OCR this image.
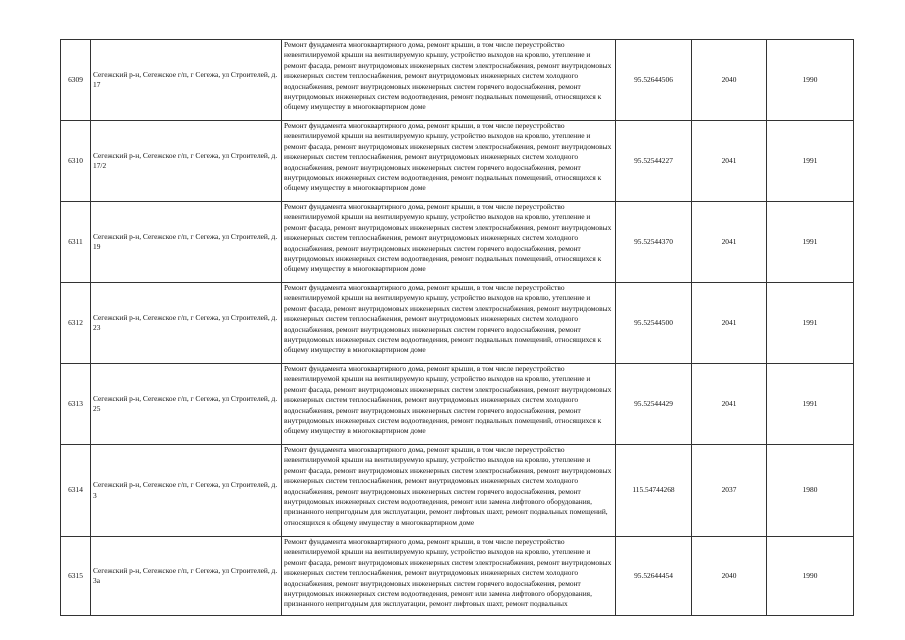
6309	Сегежский р-н, Сегежское г/п, г Сегежа, ул Строителей, д. 17	Ремонт фундамента многоквартирного дома, ремонт крыши, в том числе переустройство невентилируемой крыши на вентилируемую крышу, устройство выходов на кровлю, утепление и ремонт фасада, ремонт внутридомовых инженерных систем электроснабжения, ремонт внутридомовых инженерных систем теплоснабжения, ремонт внутридомовых инженерных систем холодного водоснабжения, ремонт внутридомовых инженерных систем горячего водоснабжения, ремонт внутридомовых инженерных систем водоотведения, ремонт подвальных помещений, относящихся к общему имуществу в многоквартирном доме	95.52644506	2040	1990
6310	Сегежский р-н, Сегежское г/п, г Сегежа, ул Строителей, д. 17/2	Ремонт фундамента многоквартирного дома, ремонт крыши, в том числе переустройство невентилируемой крыши на вентилируемую крышу, устройство выходов на кровлю, утепление и ремонт фасада, ремонт внутридомовых инженерных систем электроснабжения, ремонт внутридомовых инженерных систем теплоснабжения, ремонт внутридомовых инженерных систем холодного водоснабжения, ремонт внутридомовых инженерных систем горячего водоснабжения, ремонт внутридомовых инженерных систем водоотведения, ремонт подвальных помещений, относящихся к общему имуществу в многоквартирном доме	95.52544227	2041	1991
6311	Сегежский р-н, Сегежское г/п, г Сегежа, ул Строителей, д. 19	Ремонт фундамента многоквартирного дома, ремонт крыши, в том числе переустройство невентилируемой крыши на вентилируемую крышу, устройство выходов на кровлю, утепление и ремонт фасада, ремонт внутридомовых инженерных систем электроснабжения, ремонт внутридомовых инженерных систем теплоснабжения, ремонт внутридомовых инженерных систем холодного водоснабжения, ремонт внутридомовых инженерных систем горячего водоснабжения, ремонт внутридомовых инженерных систем водоотведения, ремонт подвальных помещений, относящихся к общему имуществу в многоквартирном доме	95.52544370	2041	1991
6312	Сегежский р-н, Сегежское г/п, г Сегежа, ул Строителей, д. 23	Ремонт фундамента многоквартирного дома, ремонт крыши, в том числе переустройство невентилируемой крыши на вентилируемую крышу, устройство выходов на кровлю, утепление и ремонт фасада, ремонт внутридомовых инженерных систем электроснабжения, ремонт внутридомовых инженерных систем теплоснабжения, ремонт внутридомовых инженерных систем холодного водоснабжения, ремонт внутридомовых инженерных систем горячего водоснабжения, ремонт внутридомовых инженерных систем водоотведения, ремонт подвальных помещений, относящихся к общему имуществу в многоквартирном доме	95.52544500	2041	1991
6313	Сегежский р-н, Сегежское г/п, г Сегежа, ул Строителей, д. 25	Ремонт фундамента многоквартирного дома, ремонт крыши, в том числе переустройство невентилируемой крыши на вентилируемую крышу, устройство выходов на кровлю, утепление и ремонт фасада, ремонт внутридомовых инженерных систем электроснабжения, ремонт внутридомовых инженерных систем теплоснабжения, ремонт внутридомовых инженерных систем холодного водоснабжения, ремонт внутридомовых инженерных систем горячего водоснабжения, ремонт внутридомовых инженерных систем водоотведения, ремонт подвальных помещений, относящихся к общему имуществу в многоквартирном доме	95.52544429	2041	1991
6314	Сегежский р-н, Сегежское г/п, г Сегежа, ул Строителей, д. 3	Ремонт фундамента многоквартирного дома, ремонт крыши, в том числе переустройство невентилируемой крыши на вентилируемую крышу, устройство выходов на кровлю, утепление и ремонт фасада, ремонт внутридомовых инженерных систем электроснабжения, ремонт внутридомовых инженерных систем теплоснабжения, ремонт внутридомовых инженерных систем холодного водоснабжения, ремонт внутридомовых инженерных систем горячего водоснабжения, ремонт внутридомовых инженерных систем водоотведения, ремонт или замена лифтового оборудования, признанного непригодным для эксплуатации, ремонт лифтовых шахт, ремонт подвальных помещений, относящихся к общему имуществу в многоквартирном доме	115.54744268	2037	1980
6315	Сегежский р-н, Сегежское г/п, г Сегежа, ул Строителей, д. 3а	Ремонт фундамента многоквартирного дома, ремонт крыши, в том числе переустройство невентилируемой крыши на вентилируемую крышу, устройство выходов на кровлю, утепление и ремонт фасада, ремонт внутридомовых инженерных систем электроснабжения, ремонт внутридомовых инженерных систем теплоснабжения, ремонт внутридомовых инженерных систем холодного водоснабжения, ремонт внутридомовых инженерных систем горячего водоснабжения, ремонт внутридомовых инженерных систем водоотведения, ремонт или замена лифтового оборудования, признанного непригодным для эксплуатации, ремонт лифтовых шахт, ремонт подвальных	95.52644454	2040	1990
